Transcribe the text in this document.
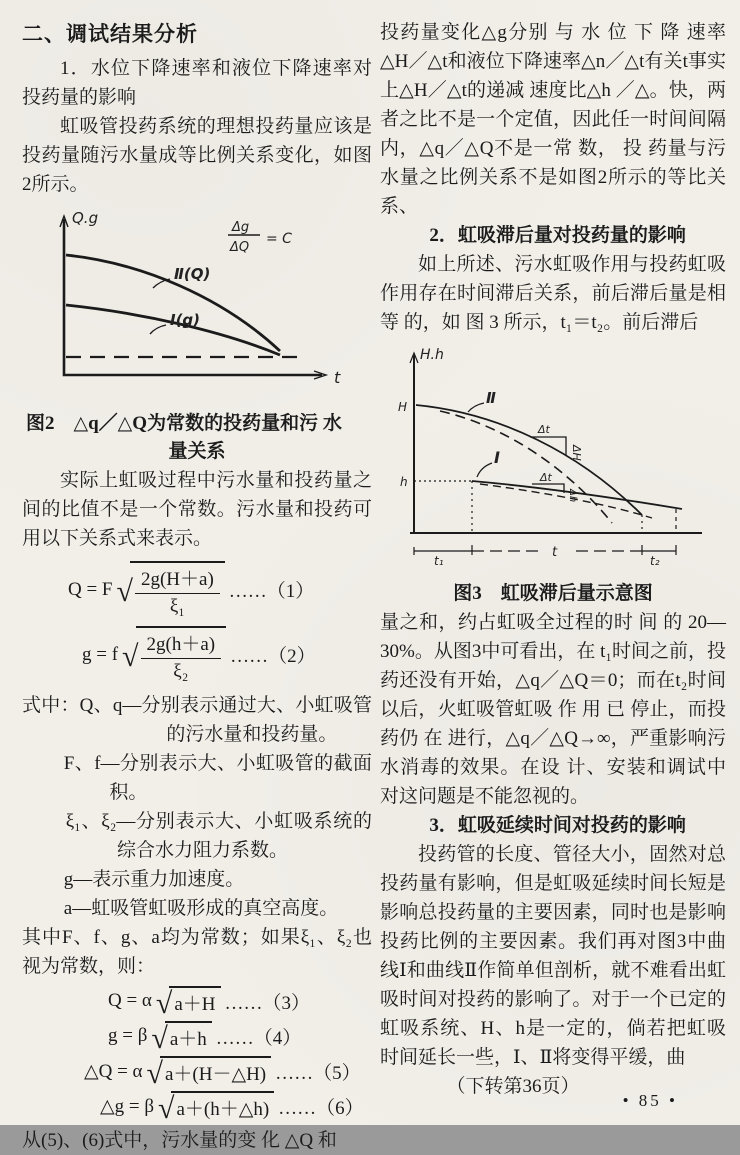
二、调试结果分析

1．水位下降速率和液位下降速率对投药量的影响

虹吸管投药系统的理想投药量应该是投药量随污水量成等比例关系变化，如图2所示。

Q.g
t
Δg
ΔQ
= C
Ⅱ(Q)
Ⅰ(g)
图2　△q／△Q为常数的投药量和污 水
量关系

实际上虹吸过程中污水量和投药量之间的比值不是一个常数。污水量和投药可用以下关系式来表示。

Q = F √ $\frac{2g(H+a)}{\text{ξ₁}}$ ……（1）
g = f √ $\frac{2g(h+a)}{\text{ξ₂}}$ ……（2）

式中：Q、q—分别表示通过大、小虹吸管的污水量和投药量。

F、f—分别表示大、小虹吸管的截面积。

ξ₁、ξ₂—分别表示大、小虹吸系统的综合水力阻力系数。

g—表示重力加速度。

a—虹吸管虹吸形成的真空高度。

其中F、f、g、a均为常数；如果ξ₁、ξ₂也视为常数，则：

Q = α √ a＋H ……（3）
g = β √ a＋h ……（4）
△Q = α √ a＋(H－△H) ……（5）
△g = β √ a＋(h＋△h) ……（6）

从(5)、(6)式中，污水量的变 化 △Q 和

投药量变化△g分别 与 水 位 下 降 速率△H／△t和液位下降速率△n／△t有关t事实上△H／△t的递减 速度比△h ／△。快，两者之比不是一个定值，因此任一时间间隔内，△q／△Q不是一常 数， 投 药量与污水量之比例关系不是如图2所示的等比关系、

2．虹吸滞后量对投药量的影响

如上所述、污水虹吸作用与投药虹吸作用存在时间滞后关系，前后滞后量是相等 的，如 图 3 所示，t₁＝t₂。前后滞后

H.h
H
h
Ⅱ
Ⅰ
Δt
ΔH
Δt
Δh
t₁
t
t₂
图3　虹吸滞后量示意图

量之和，约占虹吸全过程的时 间 的 20—30%。从图3中可看出，在 t₁时间之前，投药还没有开始，△q／△Q＝0；而在t₂时间以后，火虹吸管虹吸 作 用 已 停止，而投药仍 在 进行，△q／△Q→∞，严重影响污水消毒的效果。在设 计、安装和调试中对这问题是不能忽视的。

3．虹吸延续时间对投药的影响

投药管的长度、管径大小，固然对总投药量有影响，但是虹吸延续时间长短是影响总投药量的主要因素，同时也是影响投药比例的主要因素。我们再对图3中曲线Ⅰ和曲线Ⅱ作简单但剖析，就不难看出虹吸时间对投药的影响了。对于一个已定的虹吸系统、H、h是一定的，倘若把虹吸时间延长一些，Ⅰ、Ⅱ将变得平缓，曲

（下转第36页）

• 85 •
